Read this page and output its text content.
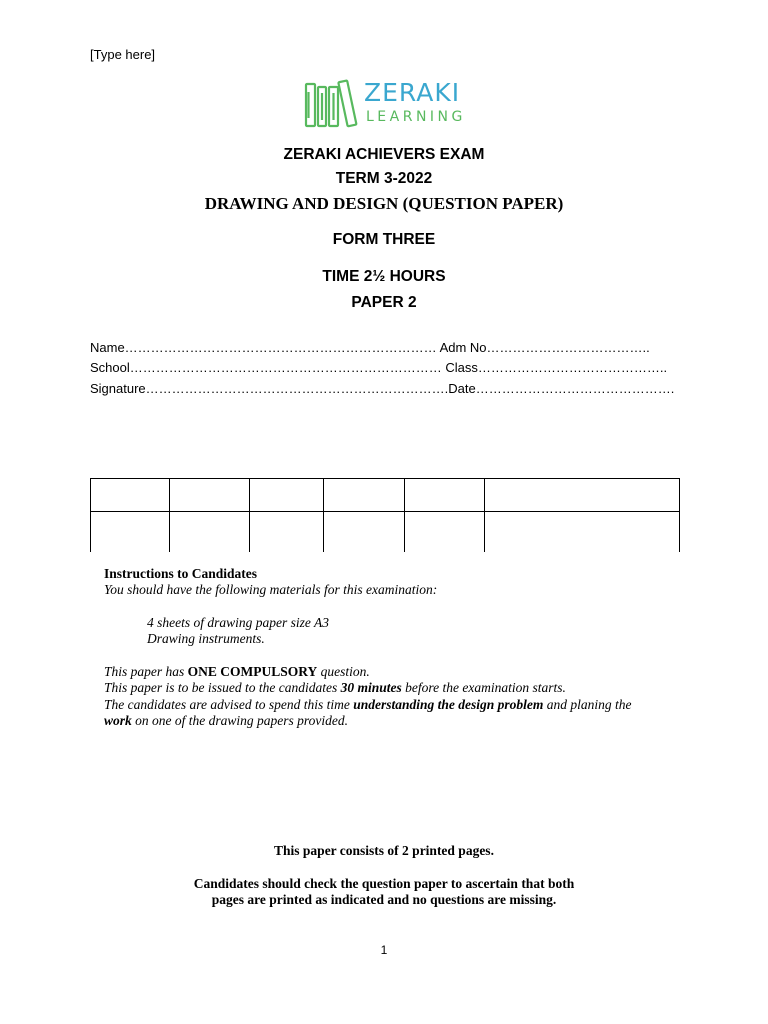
[Type here]
ZERAKI
LEARNING
ZERAKI ACHIEVERS EXAM
TERM 3-2022
DRAWING AND DESIGN (QUESTION PAPER)
FORM THREE
TIME 2½ HOURS
PAPER 2
Name……………………………………………………………… Adm No………………………………..
School……………………………………………………………… Class……………………………………..
Signature…………………………………………………………….Date……………………………………….
Instructions to Candidates
You should have the following materials for this examination:
4 sheets of drawing paper size A3
Drawing instruments.
This paper has ONE COMPULSORY question.
This paper is to be issued to the candidates 30 minutes before the examination starts.
The candidates are advised to spend this time understanding the design problem and planing the
work on one of the drawing papers provided.
This paper consists of 2 printed pages.
Candidates should check the question paper to ascertain that both
pages are printed as indicated and no questions are missing.
1
